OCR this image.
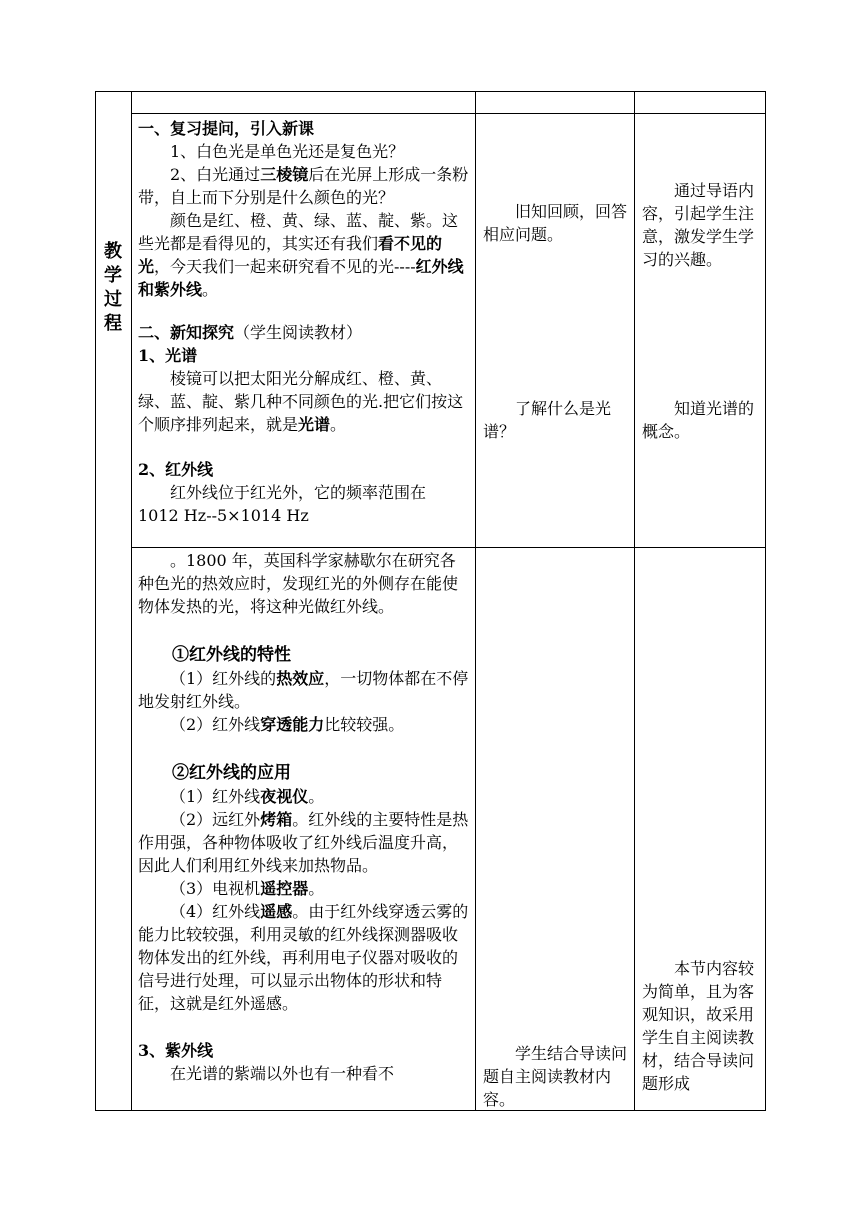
教
学
过
程

一、复习提问，引入新课

1、白色光是单色光还是复色光？

2、白光通过三棱镜后在光屏上形成一条粉带，自上而下分别是什么颜色的光？

颜色是红、橙、黄、绿、蓝、靛、紫。这些光都是看得见的，其实还有我们看不见的光，今天我们一起来研究看不见的光----红外线和紫外线。

二、新知探究（学生阅读教材）

1、光谱

棱镜可以把太阳光分解成红、橙、黄、绿、蓝、靛、紫几种不同颜色的光.把它们按这个顺序排列起来，就是光谱。

2、红外线

红外线位于红光外，它的频率范围在 1012 Hz--5×1014 Hz

旧知回顾，回答相应问题。

了解什么是光谱？

通过导语内容，引起学生注意，激发学生学习的兴趣。

知道光谱的概念。

。1800 年，英国科学家赫歇尔在研究各种色光的热效应时，发现红光的外侧存在能使物体发热的光，将这种光做红外线。

①红外线的特性

（1）红外线的热效应，一切物体都在不停地发射红外线。

（2）红外线穿透能力比较较强。

②红外线的应用

（1）红外线夜视仪。

（2）远红外烤箱。红外线的主要特性是热作用强，各种物体吸收了红外线后温度升高，因此人们利用红外线来加热物品。

（3）电视机遥控器。

（4）红外线遥感。由于红外线穿透云雾的能力比较较强，利用灵敏的红外线探测器吸收物体发出的红外线，再利用电子仪器对吸收的信号进行处理，可以显示出物体的形状和特征，这就是红外遥感。

3、紫外线

在光谱的紫端以外也有一种看不

学生结合导读问题自主阅读教材内容。

本节内容较为简单，且为客观知识，故采用学生自主阅读教材，结合导读问题形成
